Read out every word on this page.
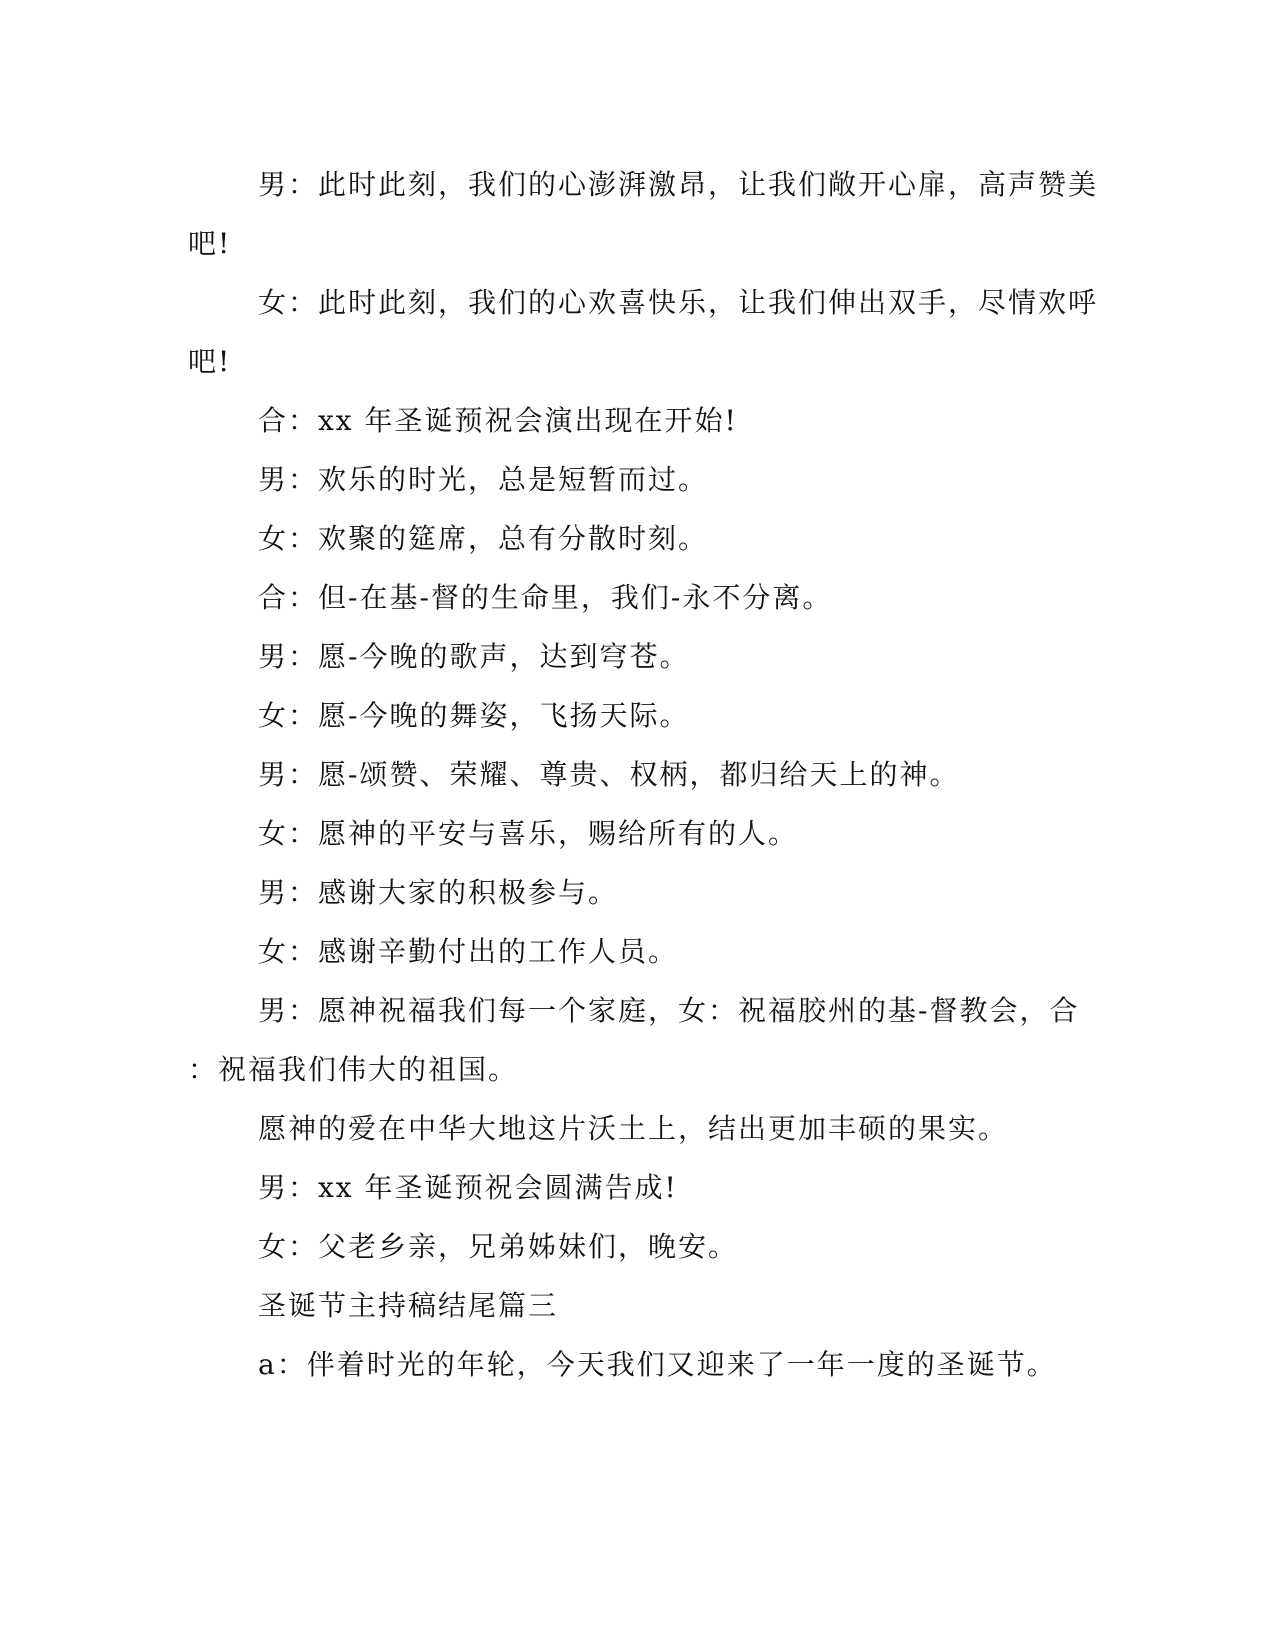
男：此时此刻，我们的心澎湃激昂，让我们敞开心扉，高声赞美
吧!
女：此时此刻，我们的心欢喜快乐，让我们伸出双手，尽情欢呼
吧!
合：xx 年圣诞预祝会演出现在开始!
男：欢乐的时光，总是短暂而过。
女：欢聚的筵席，总有分散时刻。
合：但-在基-督的生命里，我们-永不分离。
男：愿-今晚的歌声，达到穹苍。
女：愿-今晚的舞姿，飞扬天际。
男：愿-颂赞、荣耀、尊贵、权柄，都归给天上的神。
女：愿神的平安与喜乐，赐给所有的人。
男：感谢大家的积极参与。
女：感谢辛勤付出的工作人员。
男：愿神祝福我们每一个家庭，女：祝福胶州的基-督教会，合
：祝福我们伟大的祖国。
愿神的爱在中华大地这片沃土上，结出更加丰硕的果实。
男：xx 年圣诞预祝会圆满告成!
女：父老乡亲，兄弟姊妹们，晚安。
圣诞节主持稿结尾篇三
a：伴着时光的年轮，今天我们又迎来了一年一度的圣诞节。
